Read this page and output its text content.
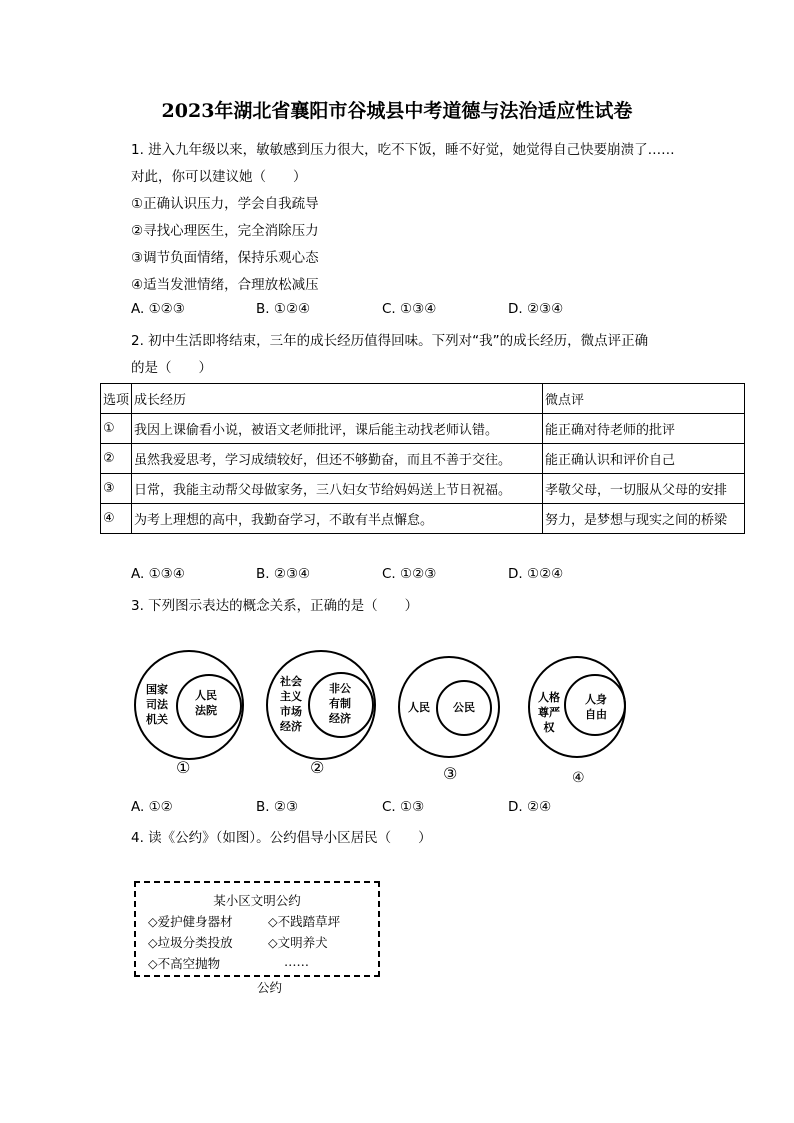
2023年湖北省襄阳市谷城县中考道德与法治适应性试卷
1. 进入九年级以来，敏敏感到压力很大，吃不下饭，睡不好觉，她觉得自己快要崩溃了……
对此，你可以建议她（　　）
①正确认识压力，学会自我疏导
②寻找心理医生，完全消除压力
③调节负面情绪，保持乐观心态
④适当发泄情绪，合理放松减压
A. ①②③	B. ①②④	C. ①③④	D. ②③④
2. 初中生活即将结束，三年的成长经历值得回味。下列对“我”的成长经历，微点评正确
的是（　　）
选项	成长经历	微点评
①	我因上课偷看小说，被语文老师批评，课后能主动找老师认错。	能正确对待老师的批评
②	虽然我爱思考，学习成绩较好，但还不够勤奋，而且不善于交往。	能正确认识和评价自己
③	日常，我能主动帮父母做家务，三八妇女节给妈妈送上节日祝福。	孝敬父母，一切服从父母的安排
④	为考上理想的高中，我勤奋学习，不敢有半点懈怠。	努力，是梦想与现实之间的桥梁
A. ①③④	B. ②③④	C. ①②③	D. ①②④
3. 下列图示表达的概念关系，正确的是（　　）
国家
司法
机关
人民
法院
①
社会
主义
市场
经济
非公
有制
经济
②
人民	公民
③
人格
尊严
权
人身
自由
④
A. ①②	B. ②③	C. ①③	D. ②④
4. 读《公约》（如图）。公约倡导小区居民（　　）
某小区文明公约
◇爱护健身器材	◇不践踏草坪
◇垃圾分类投放	◇文明养犬
◇不高空抛物	……
公约
